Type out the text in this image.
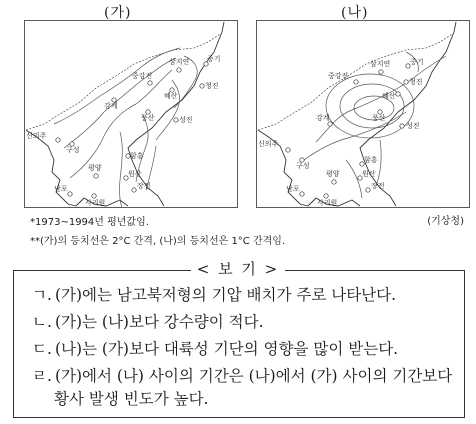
(가)	(나)
삼지연
중강진
혜산
중기
청진
강계
풍산	성진
신의주
구성
함흥
평양
원산
남포
사리원
장전
삼지연
중강진
혜산
중기
청진
강계	풍산
성진
신의주
구성
함흥
평양	원산
남포
사리원
장전
*1973~1994년 평년값임.
**(가)의 등치선은 2°C 간격, (나)의 등치선은 1°C 간격임.
(기상청)
< 보 기 >
ㄱ. (가)에는 남고북저형의 기압 배치가 주로 나타난다.
ㄴ. (가)는 (나)보다 강수량이 적다.
ㄷ. (나)는 (가)보다 대륙성 기단의 영향을 많이 받는다.
ㄹ. (가)에서 (나) 사이의 기간은 (나)에서 (가) 사이의 기간보다
황사 발생 빈도가 높다.
